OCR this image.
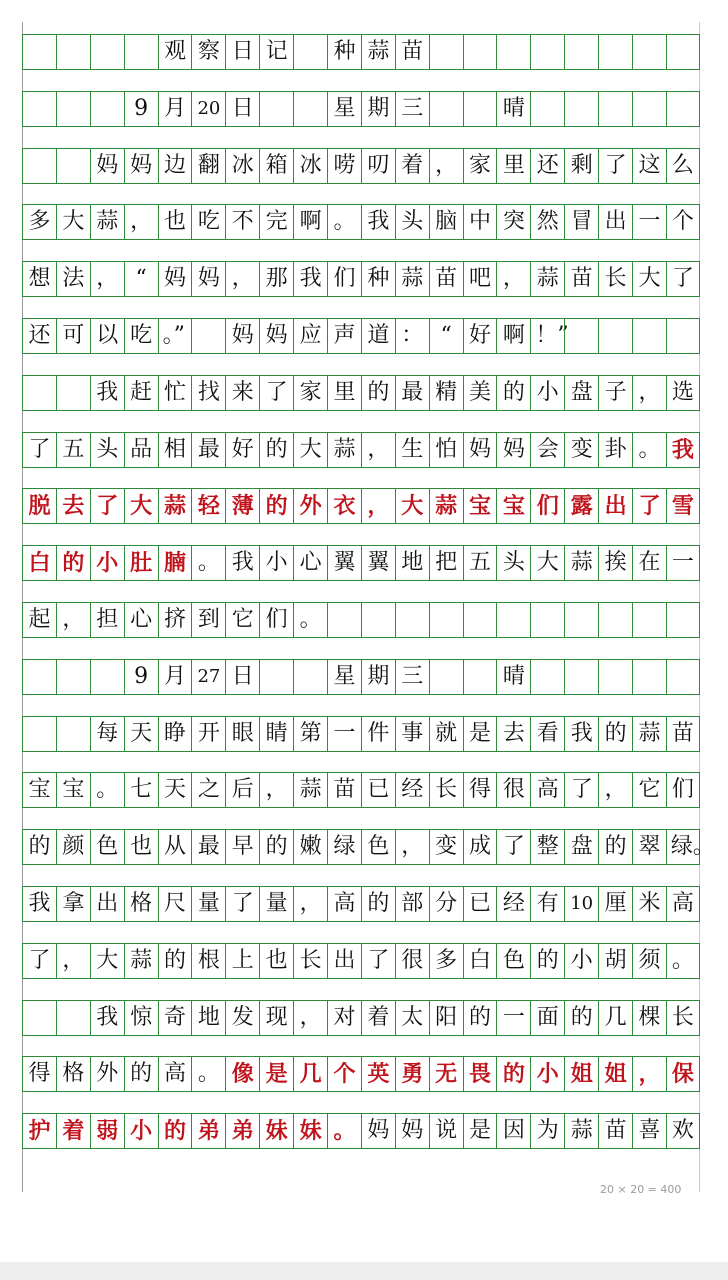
观 察 日 记 种 蒜 苗
9 月 20 日	星 期 三	晴
妈 妈 边 翻 冰 箱 冰 唠 叨 着 ， 家 里 还 剩 了 这 么
多 大 蒜 ， 也 吃 不 完 啊 。 我 头 脑 中 突 然 冒 出 一 个
想 法 ， “ 妈 妈 ， 那 我 们 种 蒜 苗 吧 ， 蒜 苗 长 大 了
还 可 以 吃 。”	妈 妈 应 声 道 ： “ 好 啊 ！”
我 赶 忙 找 来 了 家 里 的 最 精 美 的 小 盘 子 ， 选
了 五 头 品 相 最 好 的 大 蒜 ， 生 怕 妈 妈 会 变 卦 。 我
脱 去 了 大 蒜 轻 薄 的 外 衣 ， 大 蒜 宝 宝 们 露 出 了 雪
白 的 小 肚 腩 。 我 小 心 翼 翼 地 把 五 头 大 蒜 挨 在 一
起 ， 担 心 挤 到 它 们 。
9 月 27 日	星 期 三	晴
每 天 睁 开 眼 睛 第 一 件 事 就 是 去 看 我 的 蒜 苗
宝 宝 。 七 天 之 后 ， 蒜 苗 已 经 长 得 很 高 了 ， 它 们
的 颜 色 也 从 最 早 的 嫩 绿 色 ， 变 成 了 整 盘 的 翠 绿。
我 拿 出 格 尺 量 了 量 ， 高 的 部 分 已 经 有 10 厘 米 高
了 ， 大 蒜 的 根 上 也 长 出 了 很 多 白 色 的 小 胡 须 。
我 惊 奇 地 发 现 ， 对 着 太 阳 的 一 面 的 几 棵 长
得 格 外 的 高 。 像 是 几 个 英 勇 无 畏 的 小 姐 姐 ， 保
护 着 弱 小 的 弟 弟 妹 妹 。 妈 妈 说 是 因 为 蒜 苗 喜 欢
20 × 20 = 400
